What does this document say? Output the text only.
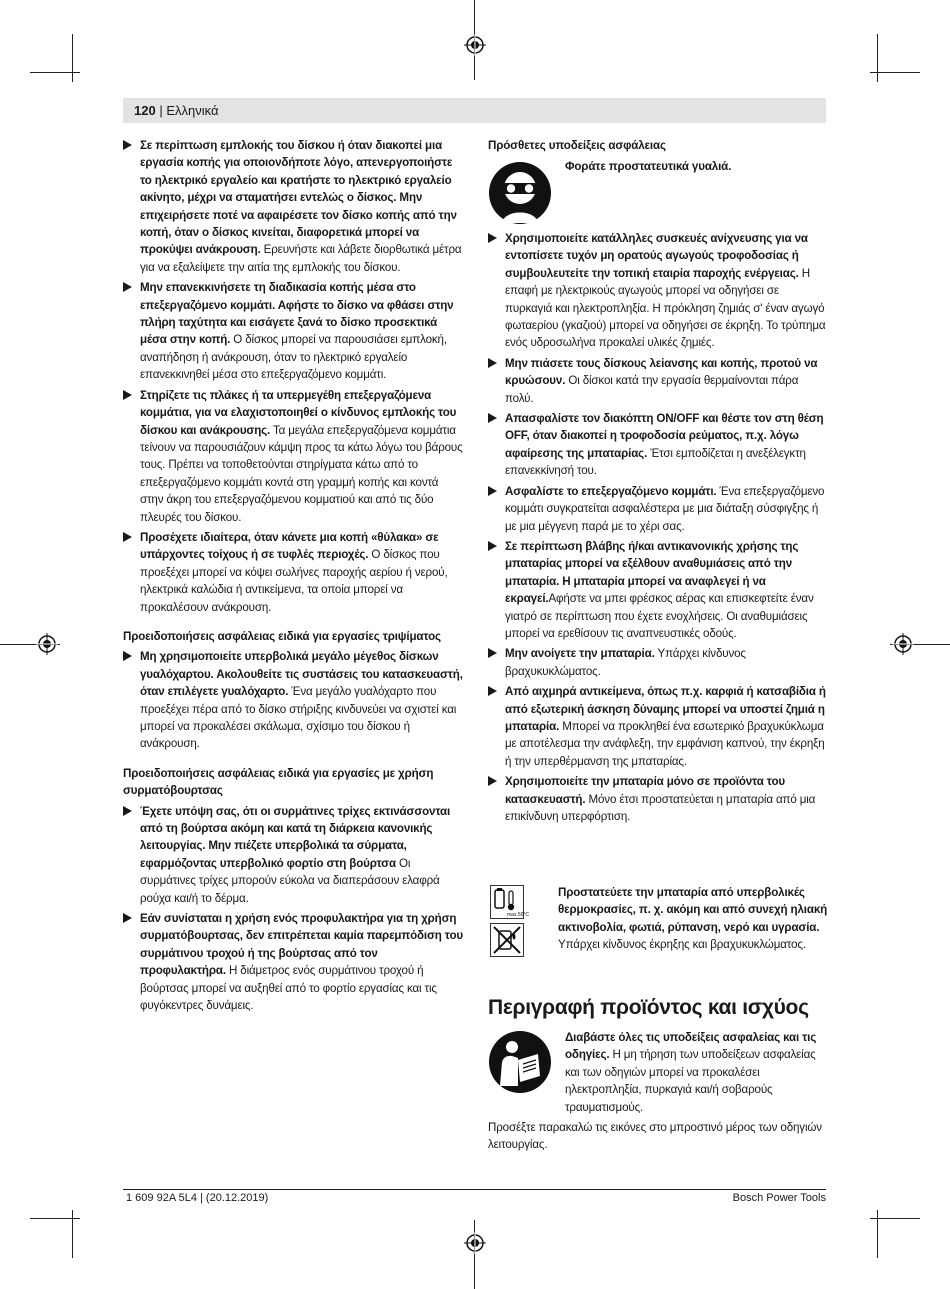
120 | Ελληνικά
Σε περίπτωση εμπλοκής του δίσκου ή όταν διακοπεί μια εργασία κοπής για οποιονδήποτε λόγο, απενεργοποιήστε το ηλεκτρικό εργαλείο και κρατήστε το ηλεκτρικό εργαλείο ακίνητο, μέχρι να σταματήσει εντελώς ο δίσκος. Μην επιχειρήσετε ποτέ να αφαιρέσετε τον δίσκο κοπής από την κοπή, όταν ο δίσκος κινείται, διαφορετικά μπορεί να προκύψει ανάκρουση. Ερευνήστε και λάβετε διορθωτικά μέτρα για να εξαλείψετε την αιτία της εμπλοκής του δίσκου.
Μην επανεκκινήσετε τη διαδικασία κοπής μέσα στο επεξεργαζόμενο κομμάτι. Αφήστε το δίσκο να φθάσει στην πλήρη ταχύτητα και εισάγετε ξανά το δίσκο προσεκτικά μέσα στην κοπή. Ο δίσκος μπορεί να παρουσιάσει εμπλοκή, αναπήδηση ή ανάκρουση, όταν το ηλεκτρικό εργαλείο επανεκκινηθεί μέσα στο επεξεργαζόμενο κομμάτι.
Στηρίζετε τις πλάκες ή τα υπερμεγέθη επεξεργαζόμενα κομμάτια, για να ελαχιστοποιηθεί ο κίνδυνος εμπλοκής του δίσκου και ανάκρουσης. Τα μεγάλα επεξεργαζόμενα κομμάτια τείνουν να παρουσιάζουν κάμψη προς τα κάτω λόγω του βάρους τους. Πρέπει να τοποθετούνται στηρίγματα κάτω από το επεξεργαζόμενο κομμάτι κοντά στη γραμμή κοπής και κοντά στην άκρη του επεξεργαζόμενου κομματιού και από τις δύο πλευρές του δίσκου.
Προσέχετε ιδιαίτερα, όταν κάνετε μια κοπή «θύλακα» σε υπάρχοντες τοίχους ή σε τυφλές περιοχές. Ο δίσκος που προεξέχει μπορεί να κόψει σωλήνες παροχής αερίου ή νερού, ηλεκτρικά καλώδια ή αντικείμενα, τα οποία μπορεί να προκαλέσουν ανάκρουση.
Προειδοποιήσεις ασφάλειας ειδικά για εργασίες τριψίματος
Μη χρησιμοποιείτε υπερβολικά μεγάλο μέγεθος δίσκων γυαλόχαρτου. Ακολουθείτε τις συστάσεις του κατασκευαστή, όταν επιλέγετε γυαλόχαρτο. Ένα μεγάλο γυαλόχαρτο που προεξέχει πέρα από το δίσκο στήριξης κινδυνεύει να σχιστεί και μπορεί να προκαλέσει σκάλωμα, σχίσιμο του δίσκου ή ανάκρουση.
Προειδοποιήσεις ασφάλειας ειδικά για εργασίες με χρήση συρματόβουρτσας
Έχετε υπόψη σας, ότι οι συρμάτινες τρίχες εκτινάσσονται από τη βούρτσα ακόμη και κατά τη διάρκεια κανονικής λειτουργίας. Μην πιέζετε υπερβολικά τα σύρματα, εφαρμόζοντας υπερβολικό φορτίο στη βούρτσα Οι συρμάτινες τρίχες μπορούν εύκολα να διαπεράσουν ελαφρά ρούχα και/ή το δέρμα.
Εάν συνίσταται η χρήση ενός προφυλακτήρα για τη χρήση συρματόβουρτσας, δεν επιτρέπεται καμία παρεμπόδιση του συρμάτινου τροχού ή της βούρτσας από τον προφυλακτήρα. Η διάμετρος ενός συρμάτινου τροχού ή βούρτσας μπορεί να αυξηθεί από το φορτίο εργασίας και τις φυγόκεντρες δυνάμεις.
Πρόσθετες υποδείξεις ασφάλειας
Φοράτε προστατευτικά γυαλιά.
Χρησιμοποιείτε κατάλληλες συσκευές ανίχνευσης για να εντοπίσετε τυχόν μη ορατούς αγωγούς τροφοδοσίας ή συμβουλευτείτε την τοπική εταιρία παροχής ενέργειας. Η επαφή με ηλεκτρικούς αγωγούς μπορεί να οδηγήσει σε πυρκαγιά και ηλεκτροπληξία. Η πρόκληση ζημιάς σ' έναν αγωγό φωταερίου (γκαζιού) μπορεί να οδηγήσει σε έκρηξη. Το τρύπημα ενός υδροσωλήνα προκαλεί υλικές ζημιές.
Μην πιάσετε τους δίσκους λείανσης και κοπής, προτού να κρυώσουν. Οι δίσκοι κατά την εργασία θερμαίνονται πάρα πολύ.
Απασφαλίστε τον διακόπτη ON/OFF και θέστε τον στη θέση OFF, όταν διακοπεί η τροφοδοσία ρεύματος, π.χ. λόγω αφαίρεσης της μπαταρίας. Έτσι εμποδίζεται η ανεξέλεγκτη επανεκκίνησή του.
Ασφαλίστε το επεξεργαζόμενο κομμάτι. Ένα επεξεργαζόμενο κομμάτι συγκρατείται ασφαλέστερα με μια διάταξη σύσφιγξης ή με μια μέγγενη παρά με το χέρι σας.
Σε περίπτωση βλάβης ή/και αντικανονικής χρήσης της μπαταρίας μπορεί να εξέλθουν αναθυμιάσεις από την μπαταρία. Η μπαταρία μπορεί να αναφλεγεί ή να εκραγεί.Αφήστε να μπει φρέσκος αέρας και επισκεφτείτε έναν γιατρό σε περίπτωση που έχετε ενοχλήσεις. Οι αναθυμιάσεις μπορεί να ερεθίσουν τις αναπνευστικές οδούς.
Μην ανοίγετε την μπαταρία. Υπάρχει κίνδυνος βραχυκυκλώματος.
Από αιχμηρά αντικείμενα, όπως π.χ. καρφιά ή κατσαβίδια ή από εξωτερική άσκηση δύναμης μπορεί να υποστεί ζημιά η μπαταρία. Μπορεί να προκληθεί ένα εσωτερικό βραχυκύκλωμα με αποτέλεσμα την ανάφλεξη, την εμφάνιση καπνού, την έκρηξη ή την υπερθέρμανση της μπαταρίας.
Χρησιμοποιείτε την μπαταρία μόνο σε προϊόντα του κατασκευαστή. Μόνο έτσι προστατεύεται η μπαταρία από μια επικίνδυνη υπερφόρτιση.
max.50°C
Προστατεύετε την μπαταρία από υπερβολικές θερμοκρασίες, π. χ. ακόμη και από συνεχή ηλιακή ακτινοβολία, φωτιά, ρύπανση, νερό και υγρασία. Υπάρχει κίνδυνος έκρηξης και βραχυκυκλώματος.
Περιγραφή προϊόντος και ισχύος
Διαβάστε όλες τις υποδείξεις ασφαλείας και τις οδηγίες. Η μη τήρηση των υποδείξεων ασφαλείας και των οδηγιών μπορεί να προκαλέσει ηλεκτροπληξία, πυρκαγιά και/ή σοβαρούς τραυματισμούς.
Προσέξτε παρακαλώ τις εικόνες στο μπροστινό μέρος των οδηγιών λειτουργίας.
1 609 92A 5L4 | (20.12.2019)	Bosch Power Tools
